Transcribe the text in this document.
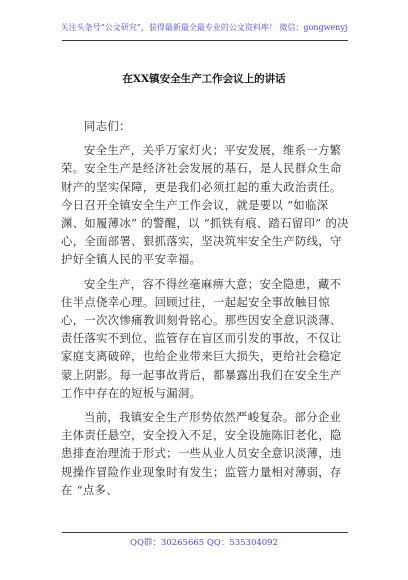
关注头条号“公文研究”，获得最新最全最专业的公文资料库！ 微信：gongwenyj
在XX镇安全生产工作会议上的讲话

同志们：

安全生产，关乎万家灯火；平安发展，维系一方繁荣。安全生产是经济社会发展的基石，是人民群众生命财产的坚实保障，更是我们必须扛起的重大政治责任。今日召开全镇安全生产工作会议，就是要以 “如临深渊、如履薄冰” 的警醒，以 “抓铁有痕、踏石留印” 的决心，全面部署、狠抓落实，坚决筑牢安全生产防线，守护好全镇人民的平安幸福。

安全生产，容不得丝毫麻痹大意；安全隐患，藏不住半点侥幸心理。回顾过往，一起起安全事故触目惊心，一次次惨痛教训刻骨铭心。那些因安全意识淡薄、责任落实不到位、监管存在盲区而引发的事故，不仅让家庭支离破碎，也给企业带来巨大损失，更给社会稳定蒙上阴影。每一起事故背后，都暴露出我们在安全生产工作中存在的短板与漏洞。

当前，我镇安全生产形势依然严峻复杂。部分企业主体责任悬空，安全投入不足，安全设施陈旧老化，隐患排查治理流于形式；一些从业人员安全意识淡薄，违规操作冒险作业现象时有发生；监管力量相对薄弱，存在 “点多、

QQ群：30265665 QQ：535304092
